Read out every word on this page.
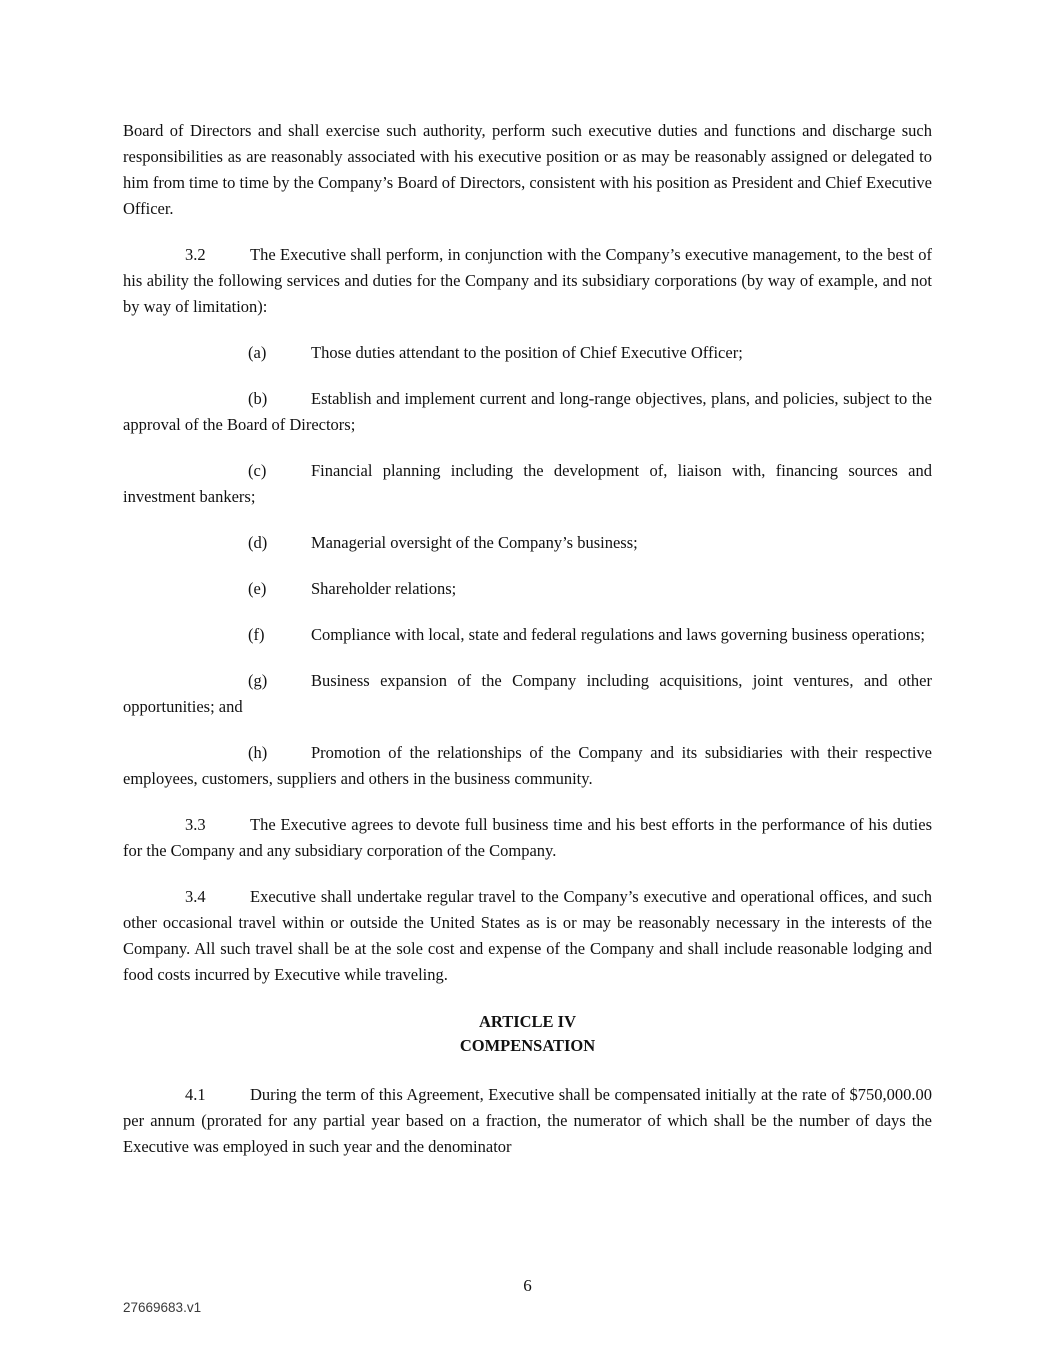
Board of Directors and shall exercise such authority, perform such executive duties and functions and discharge such responsibilities as are reasonably associated with his executive position or as may be reasonably assigned or delegated to him from time to time by the Company’s Board of Directors, consistent with his position as President and Chief Executive Officer.

3.2	The Executive shall perform, in conjunction with the Company’s executive management, to the best of his ability the following services and duties for the Company and its subsidiary corporations (by way of example, and not by way of limitation):

(a)	Those duties attendant to the position of Chief Executive Officer;

(b)	Establish and implement current and long-range objectives, plans, and policies, subject to the approval of the Board of Directors;

(c)	Financial planning including the development of, liaison with, financing sources and investment bankers;

(d)	Managerial oversight of the Company’s business;

(e)	Shareholder relations;

(f)	Compliance with local, state and federal regulations and laws governing business operations;

(g)	Business expansion of the Company including acquisitions, joint ventures, and other opportunities; and

(h)	Promotion of the relationships of the Company and its subsidiaries with their respective employees, customers, suppliers and others in the business community.

3.3	The Executive agrees to devote full business time and his best efforts in the performance of his duties for the Company and any subsidiary corporation of the Company.

3.4	Executive shall undertake regular travel to the Company’s executive and operational offices, and such other occasional travel within or outside the United States as is or may be reasonably necessary in the interests of the Company. All such travel shall be at the sole cost and expense of the Company and shall include reasonable lodging and food costs incurred by Executive while traveling.

ARTICLE IV
COMPENSATION

4.1	During the term of this Agreement, Executive shall be compensated initially at the rate of $750,000.00 per annum (prorated for any partial year based on a fraction, the numerator of which shall be the number of days the Executive was employed in such year and the denominator

6
27669683.v1
